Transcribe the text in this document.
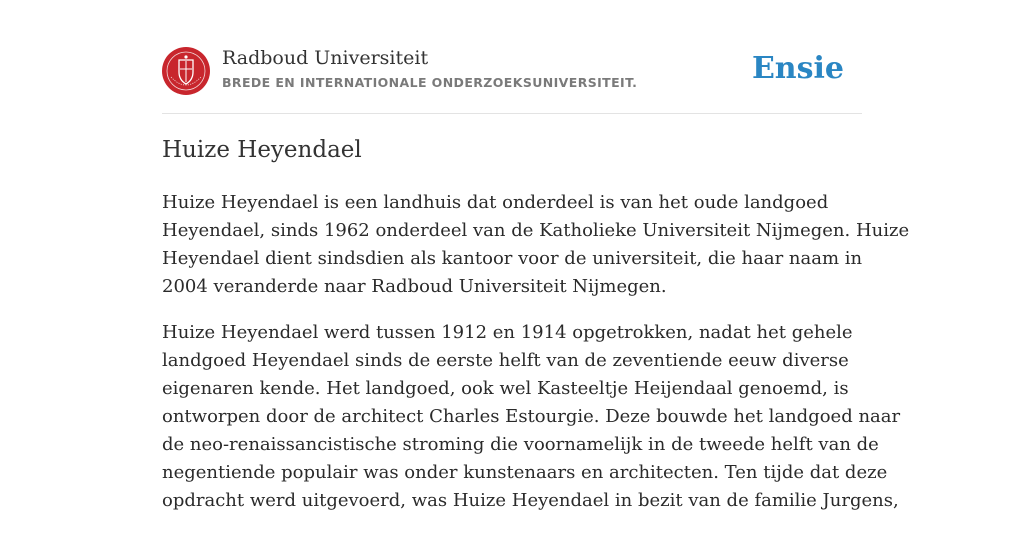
Radboud Universiteit
BREDE EN INTERNATIONALE ONDERZOEKSUNIVERSITEIT.	Ensie
Huize Heyendael

Huize Heyendael is een landhuis dat onderdeel is van het oude landgoed
Heyendael, sinds 1962 onderdeel van de Katholieke Universiteit Nijmegen. Huize
Heyendael dient sindsdien als kantoor voor de universiteit, die haar naam in
2004 veranderde naar Radboud Universiteit Nijmegen.

Huize Heyendael werd tussen 1912 en 1914 opgetrokken, nadat het gehele
landgoed Heyendael sinds de eerste helft van de zeventiende eeuw diverse
eigenaren kende. Het landgoed, ook wel Kasteeltje Heijendaal genoemd, is
ontworpen door de architect Charles Estourgie. Deze bouwde het landgoed naar
de neo-renaissancistische stroming die voornamelijk in de tweede helft van de
negentiende populair was onder kunstenaars en architecten. Ten tijde dat deze
opdracht werd uitgevoerd, was Huize Heyendael in bezit van de familie Jurgens,
